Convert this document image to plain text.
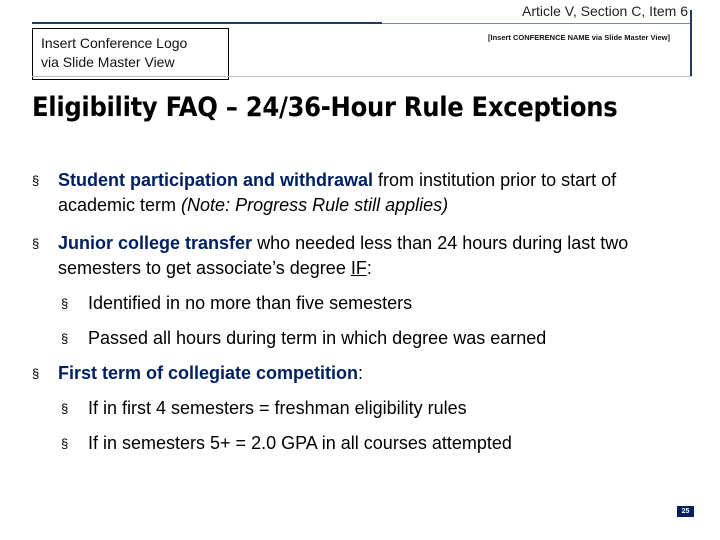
Article V, Section C, Item 6
Insert Conference Logo
via Slide Master View
[Insert CONFERENCE NAME via Slide Master View]
Eligibility FAQ – 24/36-Hour Rule Exceptions
§ Student participation and withdrawal from institution prior to start of academic term (Note: Progress Rule still applies)
§ Junior college transfer who needed less than 24 hours during last two semesters to get associate’s degree IF:
§ Identified in no more than five semesters
§ Passed all hours during term in which degree was earned
§ First term of collegiate competition:
§ If in first 4 semesters = freshman eligibility rules
§ If in semesters 5+ = 2.0 GPA in all courses attempted
25
